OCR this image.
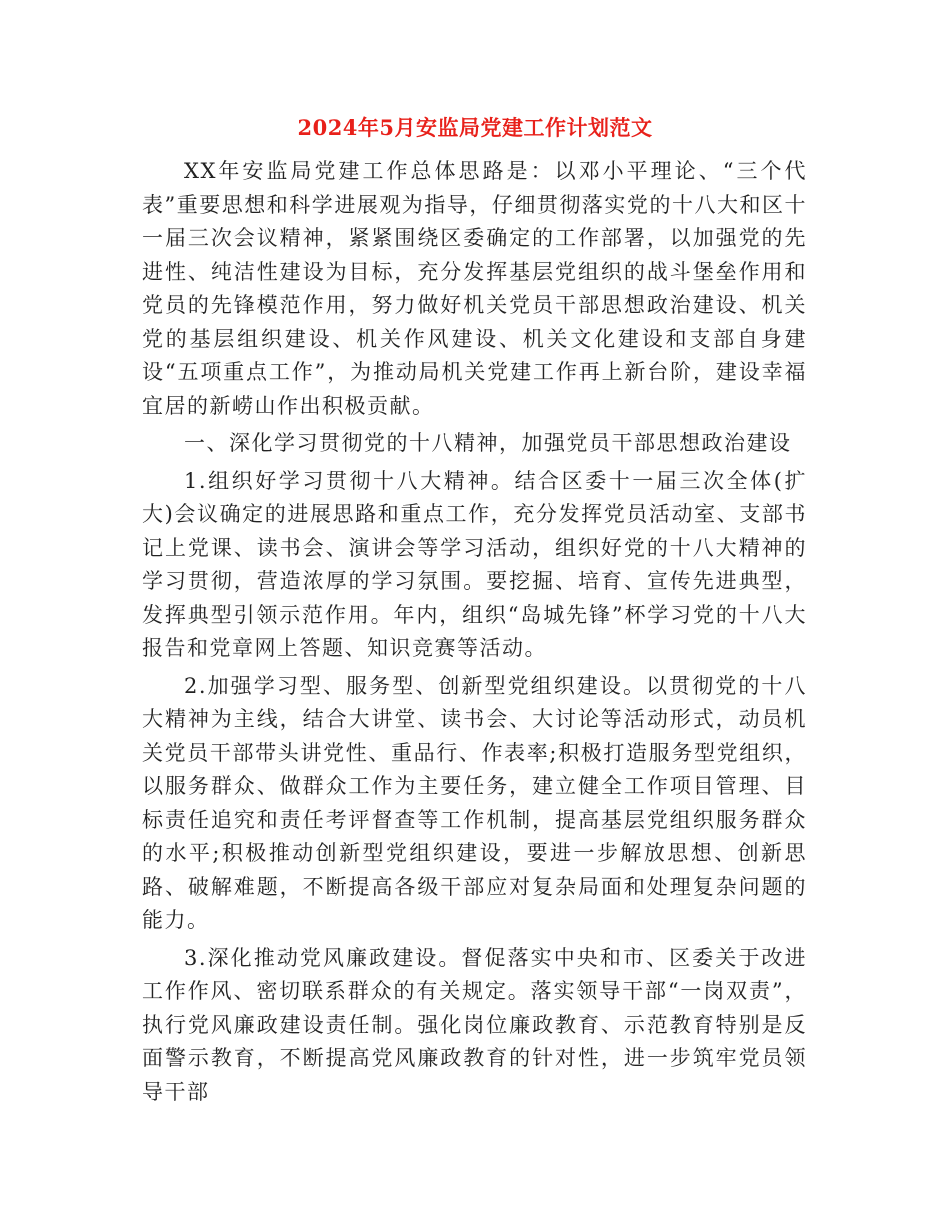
2024年5月安监局党建工作计划范文

XX年安监局党建工作总体思路是：以邓小平理论、“三个代表”重要思想和科学进展观为指导，仔细贯彻落实党的十八大和区十一届三次会议精神，紧紧围绕区委确定的工作部署，以加强党的先进性、纯洁性建设为目标，充分发挥基层党组织的战斗堡垒作用和党员的先锋模范作用，努力做好机关党员干部思想政治建设、机关党的基层组织建设、机关作风建设、机关文化建设和支部自身建设“五项重点工作”，为推动局机关党建工作再上新台阶，建设幸福宜居的新崂山作出积极贡献。

一、深化学习贯彻党的十八精神，加强党员干部思想政治建设

1.组织好学习贯彻十八大精神。结合区委十一届三次全体(扩大)会议确定的进展思路和重点工作，充分发挥党员活动室、支部书记上党课、读书会、演讲会等学习活动，组织好党的十八大精神的学习贯彻，营造浓厚的学习氛围。要挖掘、培育、宣传先进典型，发挥典型引领示范作用。年内，组织“岛城先锋”杯学习党的十八大报告和党章网上答题、知识竞赛等活动。

2.加强学习型、服务型、创新型党组织建设。以贯彻党的十八大精神为主线，结合大讲堂、读书会、大讨论等活动形式，动员机关党员干部带头讲党性、重品行、作表率;积极打造服务型党组织，以服务群众、做群众工作为主要任务，建立健全工作项目管理、目标责任追究和责任考评督查等工作机制，提高基层党组织服务群众的水平;积极推动创新型党组织建设，要进一步解放思想、创新思路、破解难题，不断提高各级干部应对复杂局面和处理复杂问题的能力。

3.深化推动党风廉政建设。督促落实中央和市、区委关于改进工作作风、密切联系群众的有关规定。落实领导干部“一岗双责”，执行党风廉政建设责任制。强化岗位廉政教育、示范教育特别是反面警示教育，不断提高党风廉政教育的针对性，进一步筑牢党员领导干部
